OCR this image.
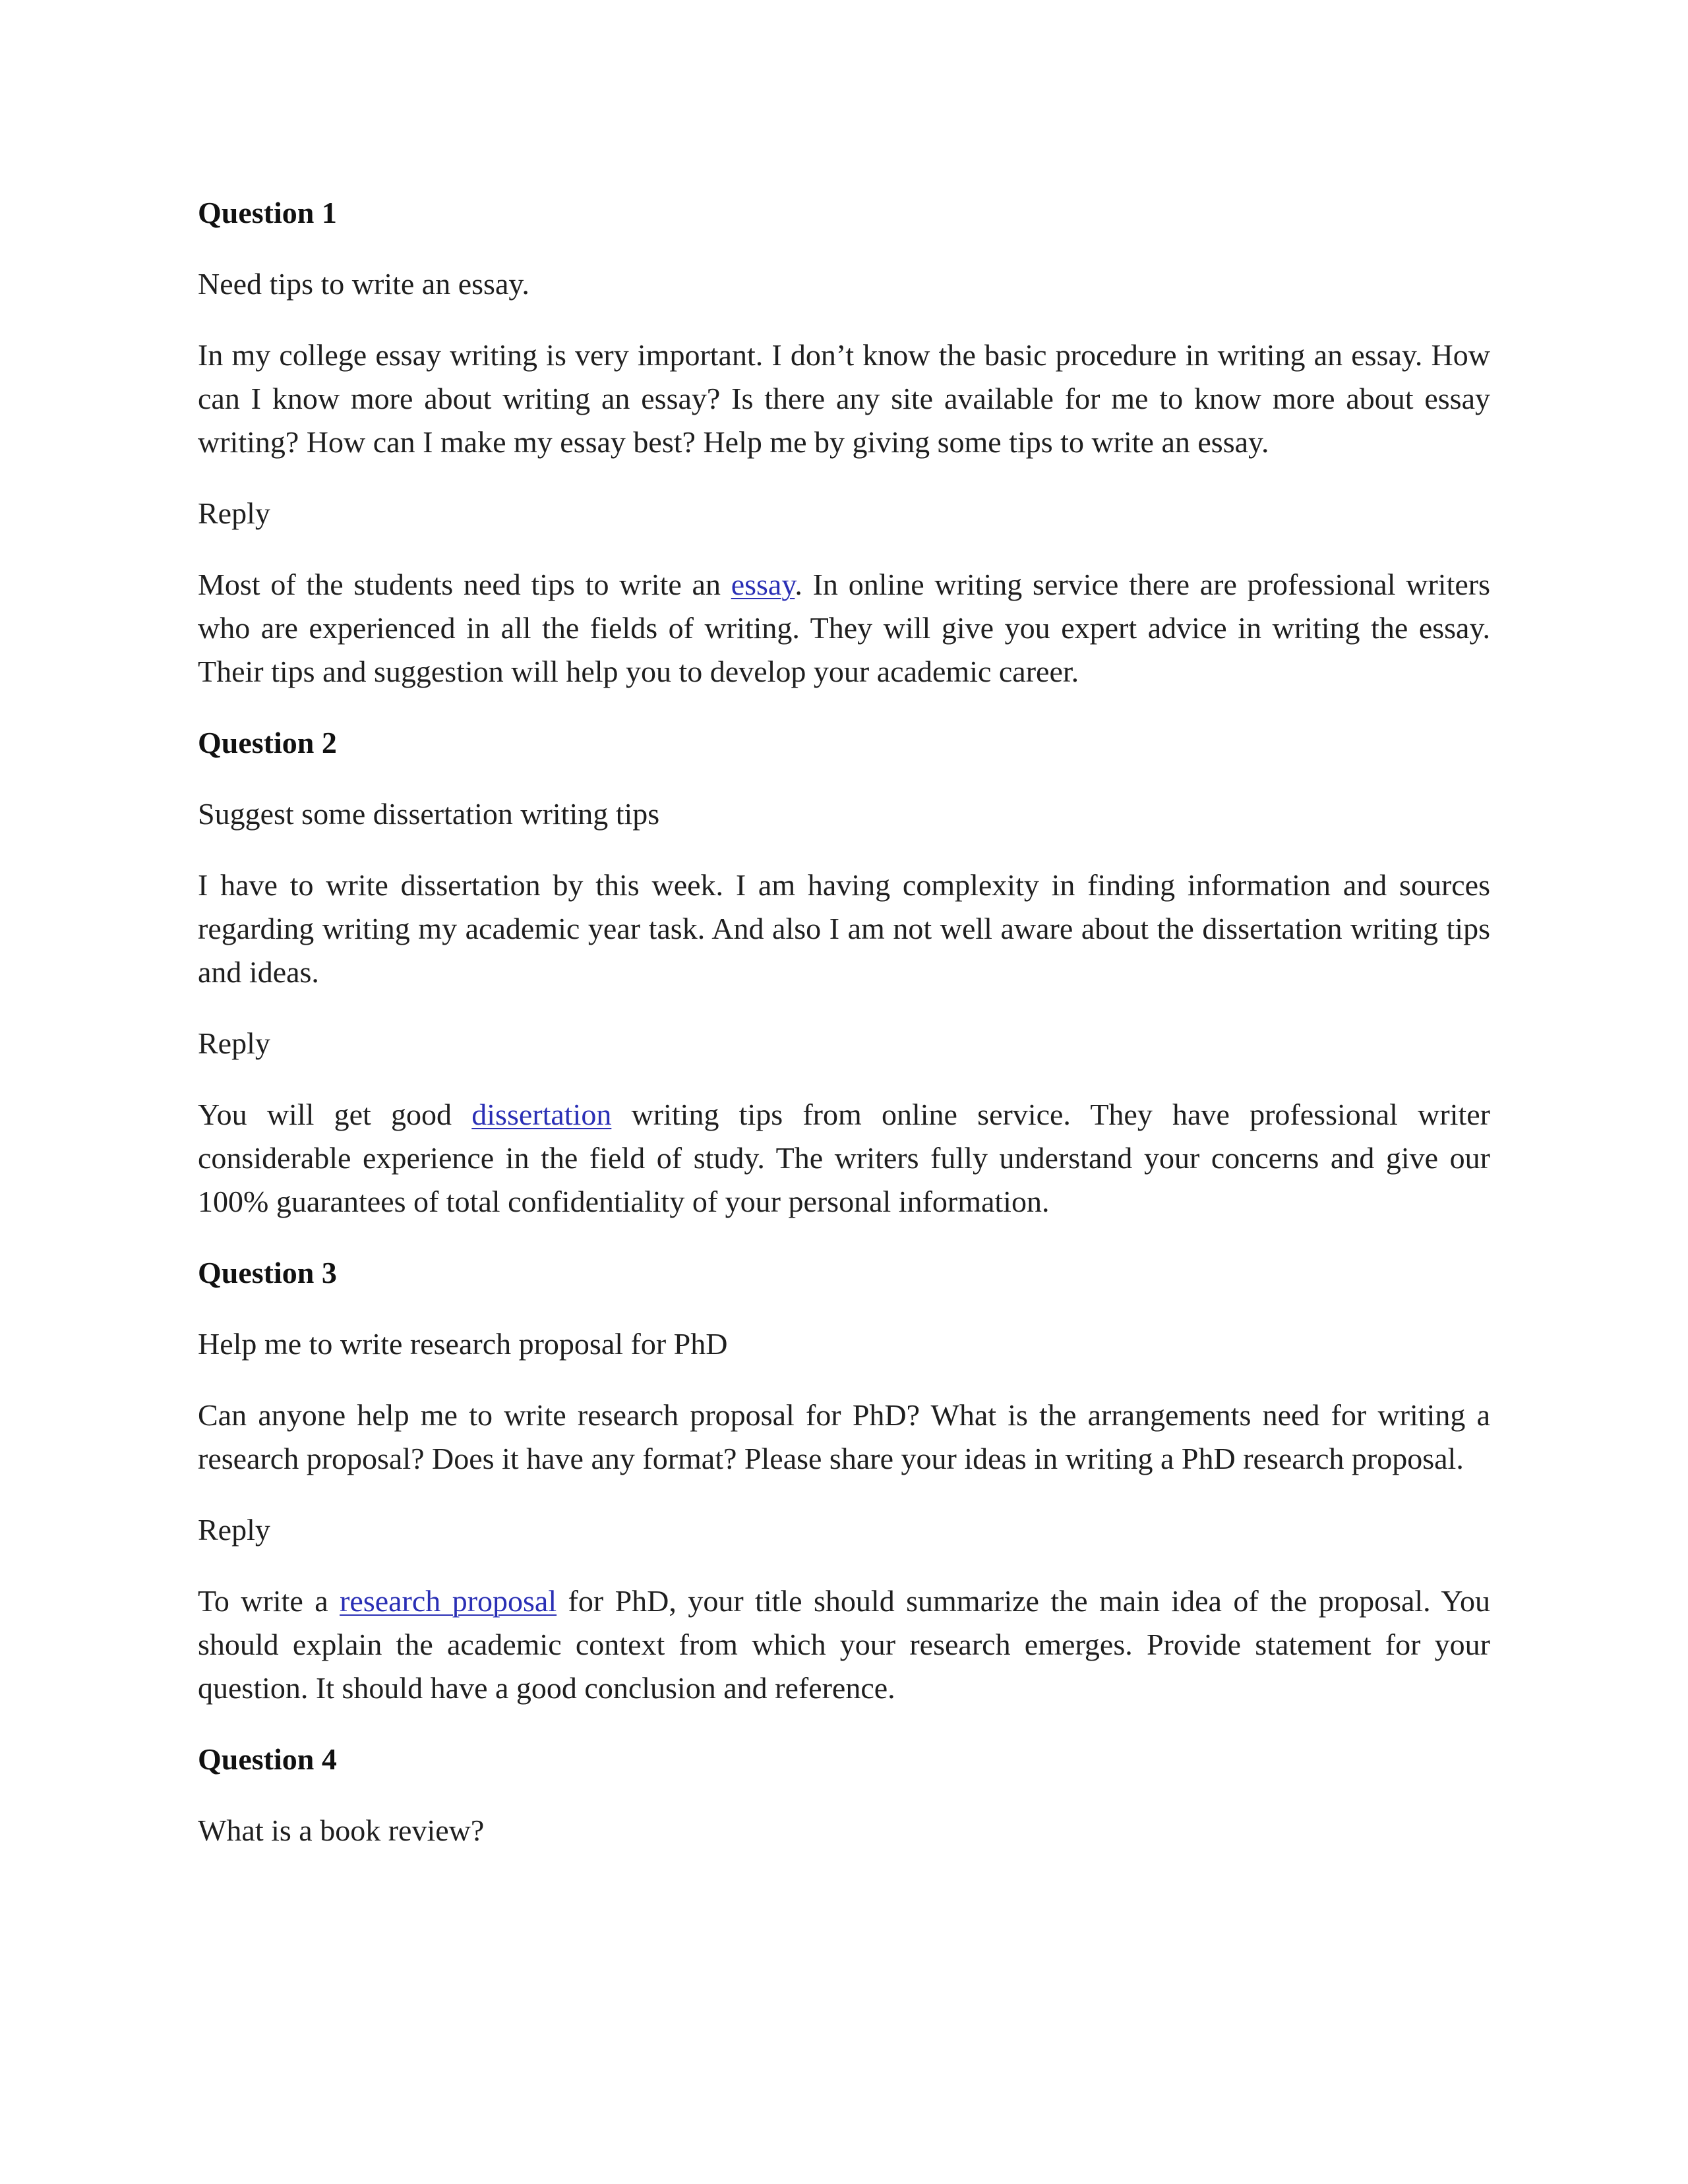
Question 1

Need tips to write an essay.

In my college essay writing is very important. I don’t know the basic procedure in writing an essay. How can I know more about writing an essay? Is there any site available for me to know more about essay writing? How can I make my essay best? Help me by giving some tips to write an essay.

Reply

Most of the students need tips to write an essay. In online writing service there are professional writers who are experienced in all the fields of writing. They will give you expert advice in writing the essay. Their tips and suggestion will help you to develop your academic career.

Question 2

Suggest some dissertation writing tips

I have to write dissertation by this week. I am having complexity in finding information and sources regarding writing my academic year task. And also I am not well aware about the dissertation writing tips and ideas.

Reply

You will get good dissertation writing tips from online service. They have professional writer considerable experience in the field of study. The writers fully understand your concerns and give our 100% guarantees of total confidentiality of your personal information.

Question 3

Help me to write research proposal for PhD

Can anyone help me to write research proposal for PhD? What is the arrangements need for writing a research proposal? Does it have any format? Please share your ideas in writing a PhD research proposal.

Reply

To write a research proposal for PhD, your title should summarize the main idea of the proposal. You should explain the academic context from which your research emerges. Provide statement for your question. It should have a good conclusion and reference.

Question 4

What is a book review?
